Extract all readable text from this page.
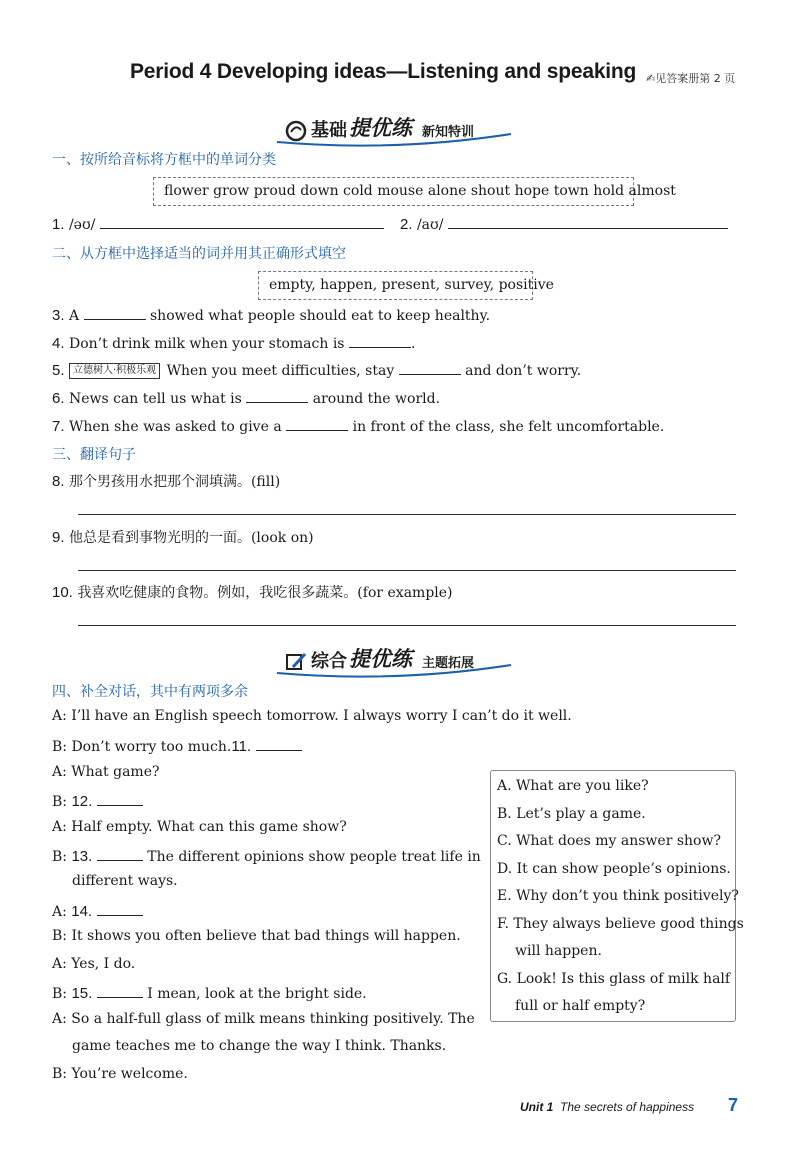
Period 4 Developing ideas—Listening and speaking ✍见答案册第 2 页
基础 提优练 新知特训
一、按所给音标将方框中的单词分类
flower grow proud down cold mouse alone shout hope town hold almost
1. /əʊ/	2. /aʊ/
二、从方框中选择适当的词并用其正确形式填空
empty, happen, present, survey, positive
3. A	showed what people should eat to keep healthy.
4. Don’t drink milk when your stomach is	.
5. 立德树人·积极乐观 When you meet difficulties, stay	and don’t worry.
6. News can tell us what is	around the world.
7. When she was asked to give a	in front of the class, she felt uncomfortable.
三、翻译句子
8. 那个男孩用水把那个洞填满。(fill)
9. 他总是看到事物光明的一面。(look on)
10. 我喜欢吃健康的食物。例如，我吃很多蔬菜。(for example)
综合 提优练 主题拓展
四、补全对话，其中有两项多余
A: I’ll have an English speech tomorrow. I always worry I can’t do it well.
B: Don’t worry too much.11.
A: What game?
B: 12.
A: Half empty. What can this game show?
B: 13.	The different opinions show people treat life in
different ways.
A: 14.
B: It shows you often believe that bad things will happen.
A: Yes, I do.
B: 15.	I mean, look at the bright side.
A: So a half-full glass of milk means thinking positively. The
game teaches me to change the way I think. Thanks.
B: You’re welcome.
A. What are you like?
B. Let’s play a game.
C. What does my answer show?
D. It can show people’s opinions.
E. Why don’t you think positively?
F. They always believe good things
will happen.
G. Look! Is this glass of milk half
full or half empty?
Unit 1 The secrets of happiness 7
